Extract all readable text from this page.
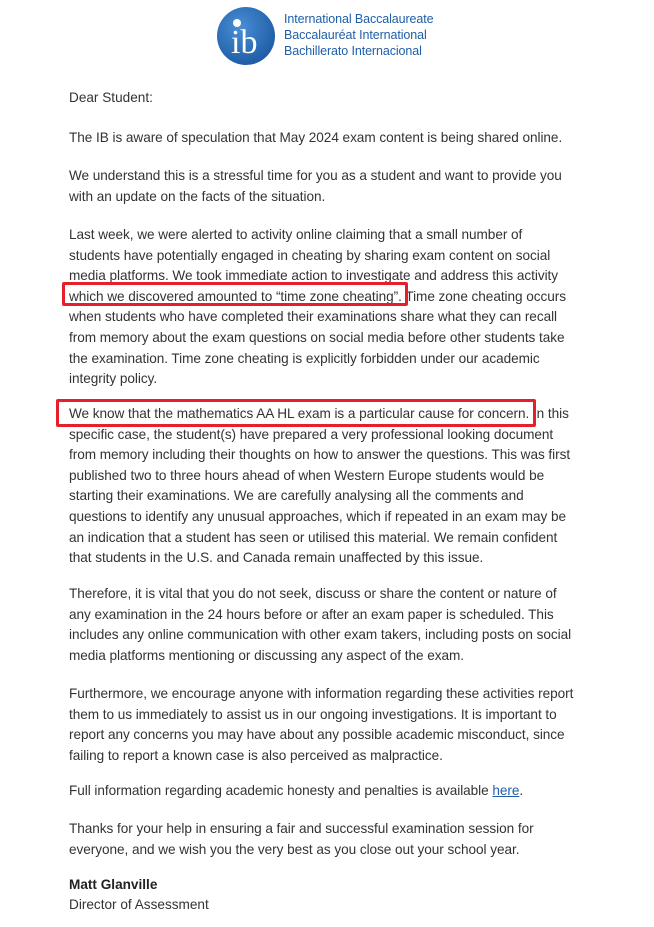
ib
International Baccalaureate
Baccalauréat International
Bachillerato Internacional
Dear Student:
The IB is aware of speculation that May 2024 exam content is being shared online.
We understand this is a stressful time for you as a student and want to provide you
with an update on the facts of the situation.
Last week, we were alerted to activity online claiming that a small number of
students have potentially engaged in cheating by sharing exam content on social
media platforms. We took immediate action to investigate and address this activity
which we discovered amounted to “time zone cheating”. Time zone cheating occurs
when students who have completed their examinations share what they can recall
from memory about the exam questions on social media before other students take
the examination. Time zone cheating is explicitly forbidden under our academic
integrity policy.
We know that the mathematics AA HL exam is a particular cause for concern. In this
specific case, the student(s) have prepared a very professional looking document
from memory including their thoughts on how to answer the questions. This was first
published two to three hours ahead of when Western Europe students would be
starting their examinations. We are carefully analysing all the comments and
questions to identify any unusual approaches, which if repeated in an exam may be
an indication that a student has seen or utilised this material. We remain confident
that students in the U.S. and Canada remain unaffected by this issue.
Therefore, it is vital that you do not seek, discuss or share the content or nature of
any examination in the 24 hours before or after an exam paper is scheduled. This
includes any online communication with other exam takers, including posts on social
media platforms mentioning or discussing any aspect of the exam.
Furthermore, we encourage anyone with information regarding these activities report
them to us immediately to assist us in our ongoing investigations. It is important to
report any concerns you may have about any possible academic misconduct, since
failing to report a known case is also perceived as malpractice.
Full information regarding academic honesty and penalties is available here.
Thanks for your help in ensuring a fair and successful examination session for
everyone, and we wish you the very best as you close out your school year.
Matt Glanville
Director of Assessment
